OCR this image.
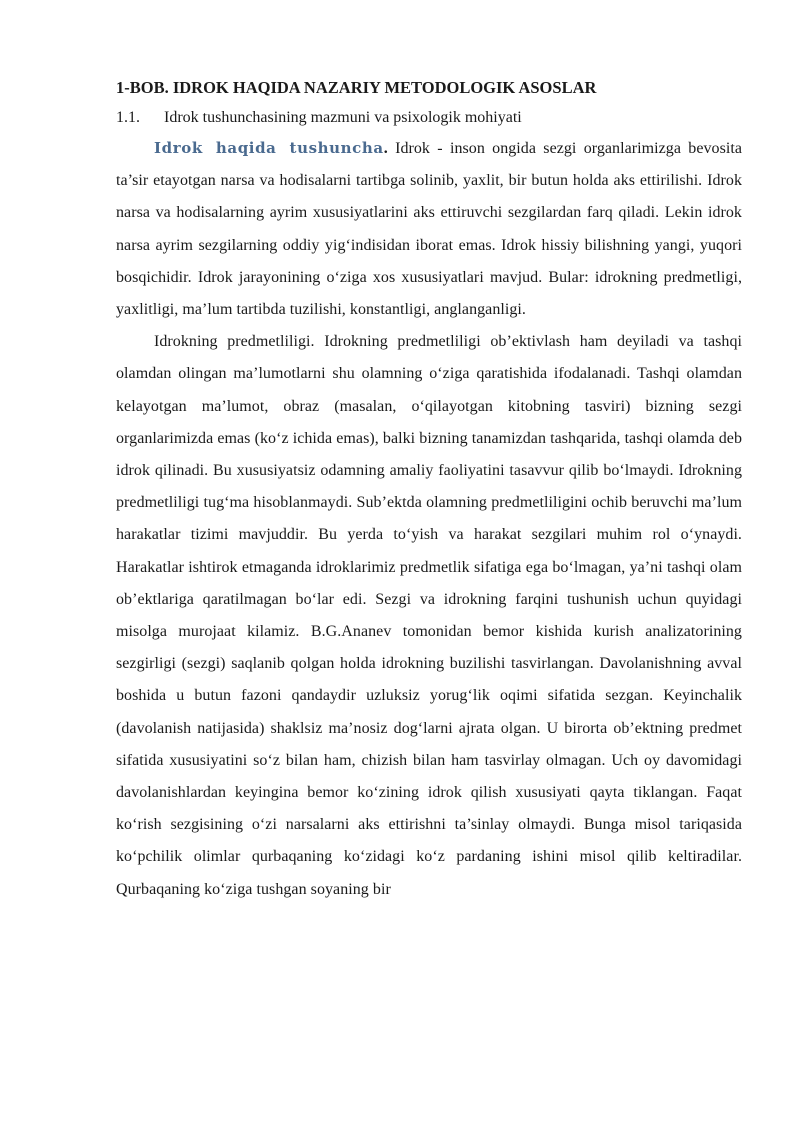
1-BOB. IDROK HAQIDA NAZARIY METODOLOGIK ASOSLAR
1.1.	Idrok tushunchasining mazmuni va psixologik mohiyati

Idrok haqida tushuncha. Idrok - inson ongida sezgi organlarimizga bevosita ta’sir etayotgan narsa va hodisalarni tartibga solinib, yaxlit, bir butun holda aks ettirilishi. Idrok narsa va hodisalarning ayrim xususiyatlarini aks ettiruvchi sezgilardan farq qiladi. Lekin idrok narsa ayrim sezgilarning oddiy yig‘indisidan iborat emas. Idrok hissiy bilishning yangi, yuqori bosqichidir. Idrok jarayonining o‘ziga xos xususiyatlari mavjud. Bular: idrokning predmetligi, yaxlitligi, ma’lum tartibda tuzilishi, konstantligi, anglanganligi.

Idrokning predmetliligi. Idrokning predmetliligi ob’ektivlash ham deyiladi va tashqi olamdan olingan ma’lumotlarni shu olamning o‘ziga qaratishida ifodalanadi. Tashqi olamdan kelayotgan ma’lumot, obraz (masalan, o‘qilayotgan kitobning tasviri) bizning sezgi organlarimizda emas (ko‘z ichida emas), balki bizning tanamizdan tashqarida, tashqi olamda deb idrok qilinadi. Bu xususiyatsiz odamning amaliy faoliyatini tasavvur qilib bo‘lmaydi. Idrokning predmetliligi tug‘ma hisoblanmaydi. Sub’ektda olamning predmetliligini ochib beruvchi ma’lum harakatlar tizimi mavjuddir. Bu yerda to‘yish va harakat sezgilari muhim rol o‘ynaydi. Harakatlar ishtirok etmaganda idroklarimiz predmetlik sifatiga ega bo‘lmagan, ya’ni tashqi olam ob’ektlariga qaratilmagan bo‘lar edi. Sezgi va idrokning farqini tushunish uchun quyidagi misolga murojaat kilamiz. B.G.Ananev tomonidan bemor kishida kurish analizatorining sezgirligi (sezgi) saqlanib qolgan holda idrokning buzilishi tasvirlangan. Davolanishning avval boshida u butun fazoni qandaydir uzluksiz yorug‘lik oqimi sifatida sezgan. Keyinchalik (davolanish natijasida) shaklsiz ma’nosiz dog‘larni ajrata olgan. U birorta ob’ektning predmet sifatida xususiyatini so‘z bilan ham, chizish bilan ham tasvirlay olmagan. Uch oy davomidagi davolanishlardan keyingina bemor ko‘zining idrok qilish xususiyati qayta tiklangan. Faqat ko‘rish sezgisining o‘zi narsalarni aks ettirishni ta’sinlay olmaydi. Bunga misol tariqasida ko‘pchilik olimlar qurbaqaning ko‘zidagi ko‘z pardaning ishini misol qilib keltiradilar. Qurbaqaning ko‘ziga tushgan soyaning bir
